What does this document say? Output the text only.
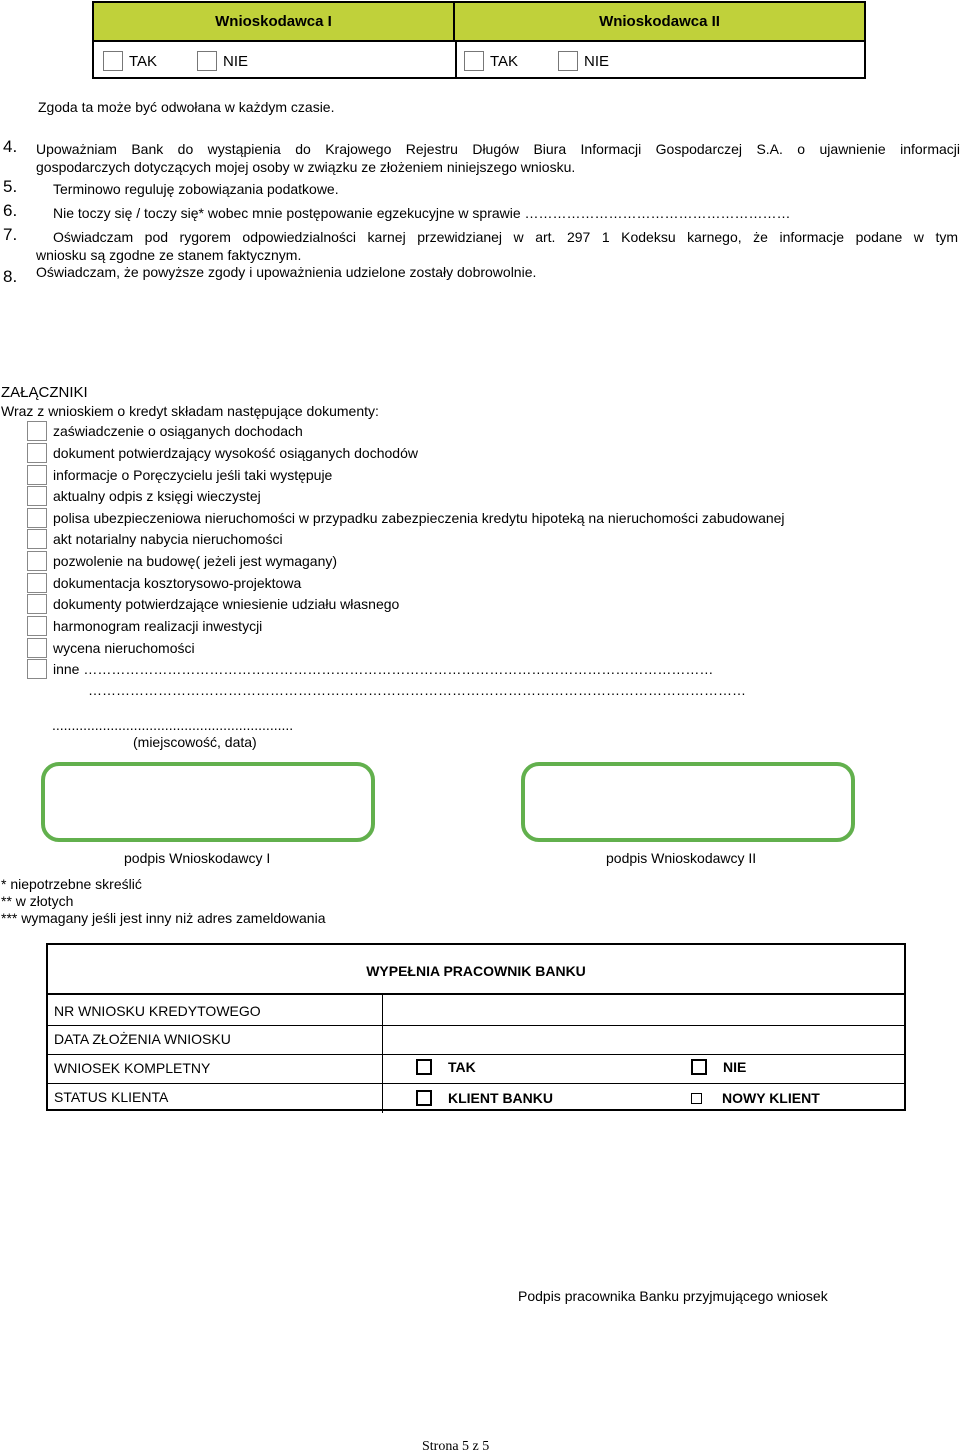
Wnioskodawca I	Wnioskodawca II
TAK	NIE	TAK	NIE
Zgoda ta może być odwołana w każdym czasie.
4. Upoważniam Bank do wystąpienia do Krajowego Rejestru Długów Biura Informacji Gospodarczej S.A. o ujawnienie informacji
gospodarczych dotyczących mojej osoby w związku ze złożeniem niniejszego wniosku.
5.	Terminowo reguluję zobowiązania podatkowe.
6.	Nie toczy się / toczy się* wobec mnie postępowanie egzekucyjne w sprawie …………………………………………………
7.	Oświadczam pod rygorem odpowiedzialności karnej przewidzianej w art. 297 1 Kodeksu karnego, że informacje podane w tym
wniosku są zgodne ze stanem faktycznym.
8. Oświadczam, że powyższe zgody i upoważnienia udzielone zostały dobrowolnie.
ZAŁĄCZNIKI
Wraz z wnioskiem o kredyt składam następujące dokumenty:
zaświadczenie o osiąganych dochodach
dokument potwierdzający wysokość osiąganych dochodów
informacje o Poręczycielu jeśli taki występuje
aktualny odpis z księgi wieczystej
polisa ubezpieczeniowa nieruchomości w przypadku zabezpieczenia kredytu hipoteką na nieruchomości zabudowanej
akt notarialny nabycia nieruchomości
pozwolenie na budowę( jeżeli jest wymagany)
dokumentacja kosztorysowo-projektowa
dokumenty potwierdzające wniesienie udziału własnego
harmonogram realizacji inwestycji
wycena nieruchomości
inne ………………………………………………………………………………………………………………………
……………………………………………………………………………………………………………………………
..............................................................
(miejscowość, data)
podpis Wnioskodawcy I	podpis Wnioskodawcy II
* niepotrzebne skreślić
** w złotych
*** wymagany jeśli jest inny niż adres zameldowania
WYPEŁNIA PRACOWNIK BANKU
NR WNIOSKU KREDYTOWEGO
DATA ZŁOŻENIA WNIOSKU
WNIOSEK KOMPLETNY	TAK	NIE
STATUS KLIENTA	KLIENT BANKU	NOWY KLIENT
Podpis pracownika Banku przyjmującego wniosek
Strona 5 z 5
